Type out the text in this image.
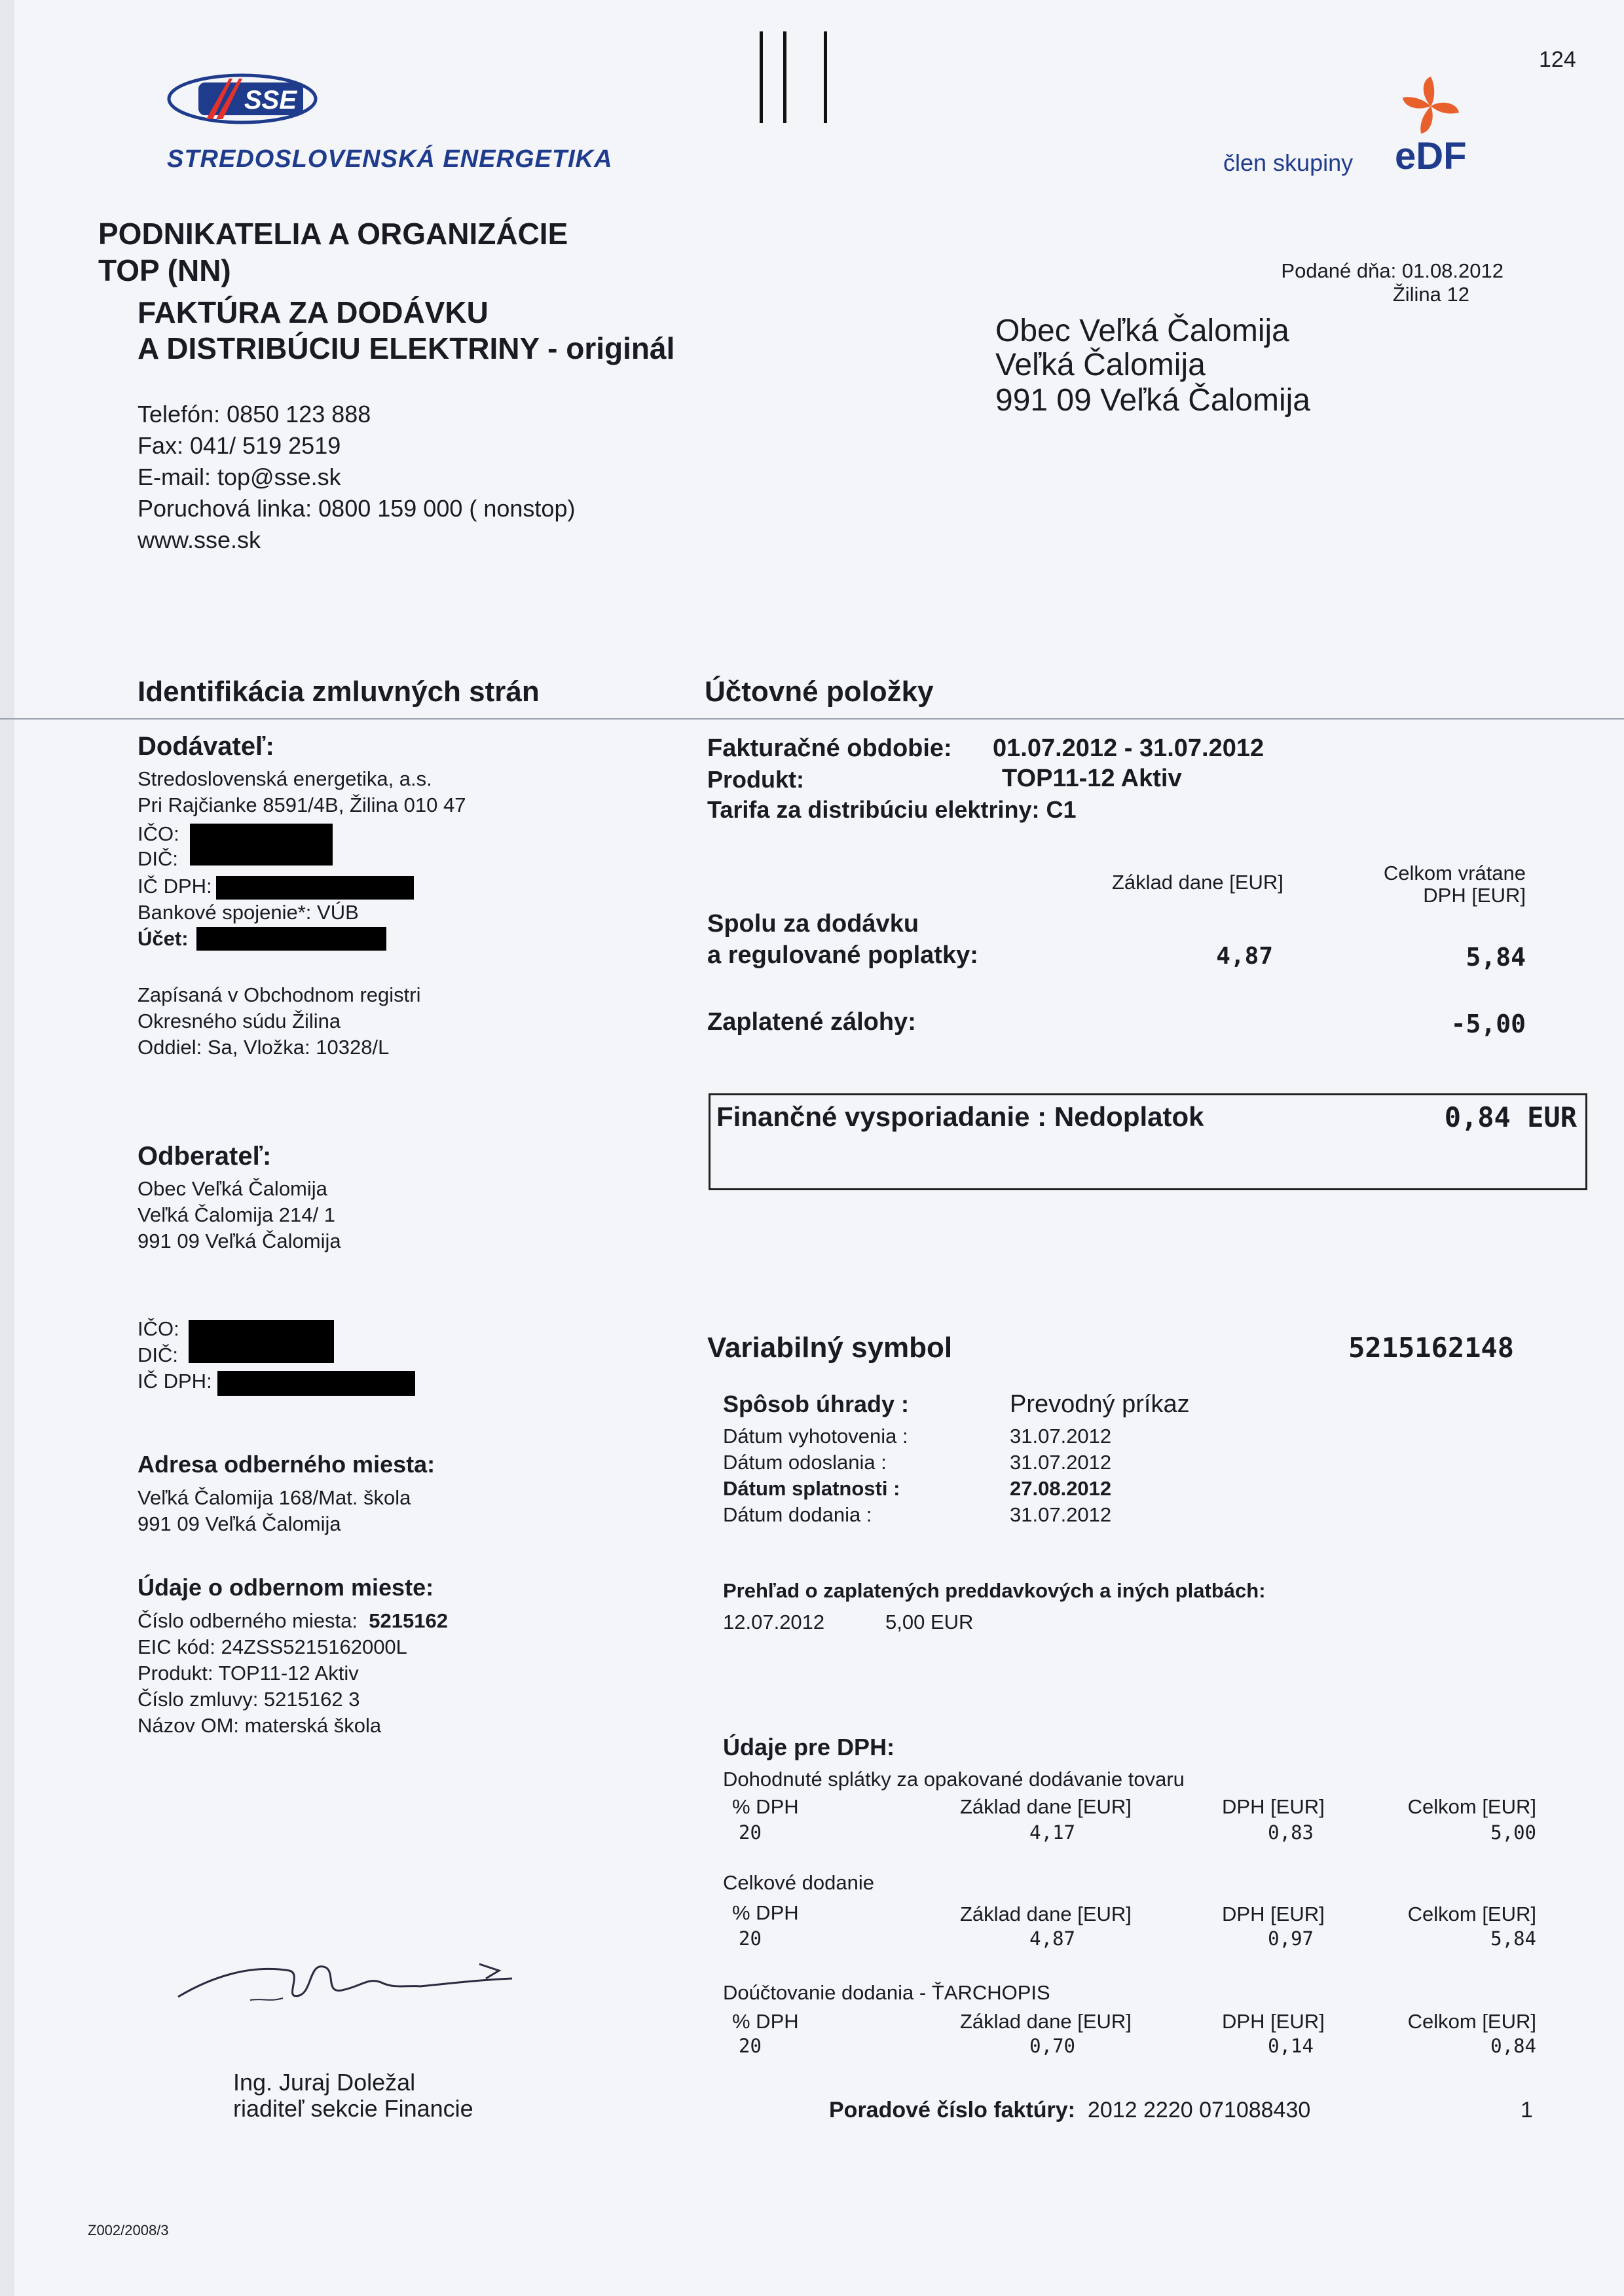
124
SSE
STREDOSLOVENSKÁ ENERGETIKA	člen skupiny eDF
PODNIKATELIA A ORGANIZÁCIE
TOP (NN)
FAKTÚRA ZA DODÁVKU
A DISTRIBÚCIU ELEKTRINY - originál
Telefón: 0850 123 888
Fax: 041/ 519 2519
E-mail: top@sse.sk
Poruchová linka: 0800 159 000 ( nonstop)
www.sse.sk
Podané dňa: 01.08.2012
Žilina 12
Obec Veľká Čalomija
Veľká Čalomija
991 09 Veľká Čalomija
Identifikácia zmluvných strán
Dodávateľ:
Stredoslovenská energetika, a.s.
Pri Rajčianke 8591/4B, Žilina 010 47
IČO:
DIČ:
IČ DPH:
Bankové spojenie*: VÚB
Účet:
Zapísaná v Obchodnom registri
Okresného súdu Žilina
Oddiel: Sa, Vložka: 10328/L
Odberateľ:
Obec Veľká Čalomija
Veľká Čalomija 214/ 1
991 09 Veľká Čalomija
IČO:
DIČ:
IČ DPH:
Adresa odberného miesta:
Veľká Čalomija 168/Mat. škola
991 09 Veľká Čalomija
Údaje o odbernom mieste:
Číslo odberného miesta: 5215162
EIC kód: 24ZSS5215162000L
Produkt: TOP11-12 Aktiv
Číslo zmluvy: 5215162 3
Názov OM: materská škola
Účtovné položky
Fakturačné obdobie: 01.07.2012 - 31.07.2012
Produkt:	TOP11-12 Aktiv
Tarifa za distribúciu elektriny: C1
Základ dane [EUR]	Celkom vrátane
DPH [EUR]
Spolu za dodávku
a regulované poplatky:	4,87	5,84
Zaplatené zálohy:	-5,00
Finančné vysporiadanie : Nedoplatok	0,84 EUR
Variabilný symbol	5215162148
Spôsob úhrady :	Prevodný príkaz
Dátum vyhotovenia :	31.07.2012
Dátum odoslania :	31.07.2012
Dátum splatnosti :	27.08.2012
Dátum dodania :	31.07.2012
Prehľad o zaplatených preddavkových a iných platbách:
12.07.2012	5,00 EUR
Údaje pre DPH:
Dohodnuté splátky za opakované dodávanie tovaru
% DPH	Základ dane [EUR]	DPH [EUR]	Celkom [EUR]
20	4,17	0,83	5,00
Celkové dodanie
% DPH	Základ dane [EUR]	DPH [EUR]	Celkom [EUR]
20	4,87	0,97	5,84
Doúčtovanie dodania - ŤARCHOPIS
% DPH	Základ dane [EUR]	DPH [EUR]	Celkom [EUR]
20	0,70	0,14	0,84
Ing. Juraj Doležal
riaditeľ sekcie Financie	Poradové číslo faktúry: 2012 2220 071088430	1
Z002/2008/3
